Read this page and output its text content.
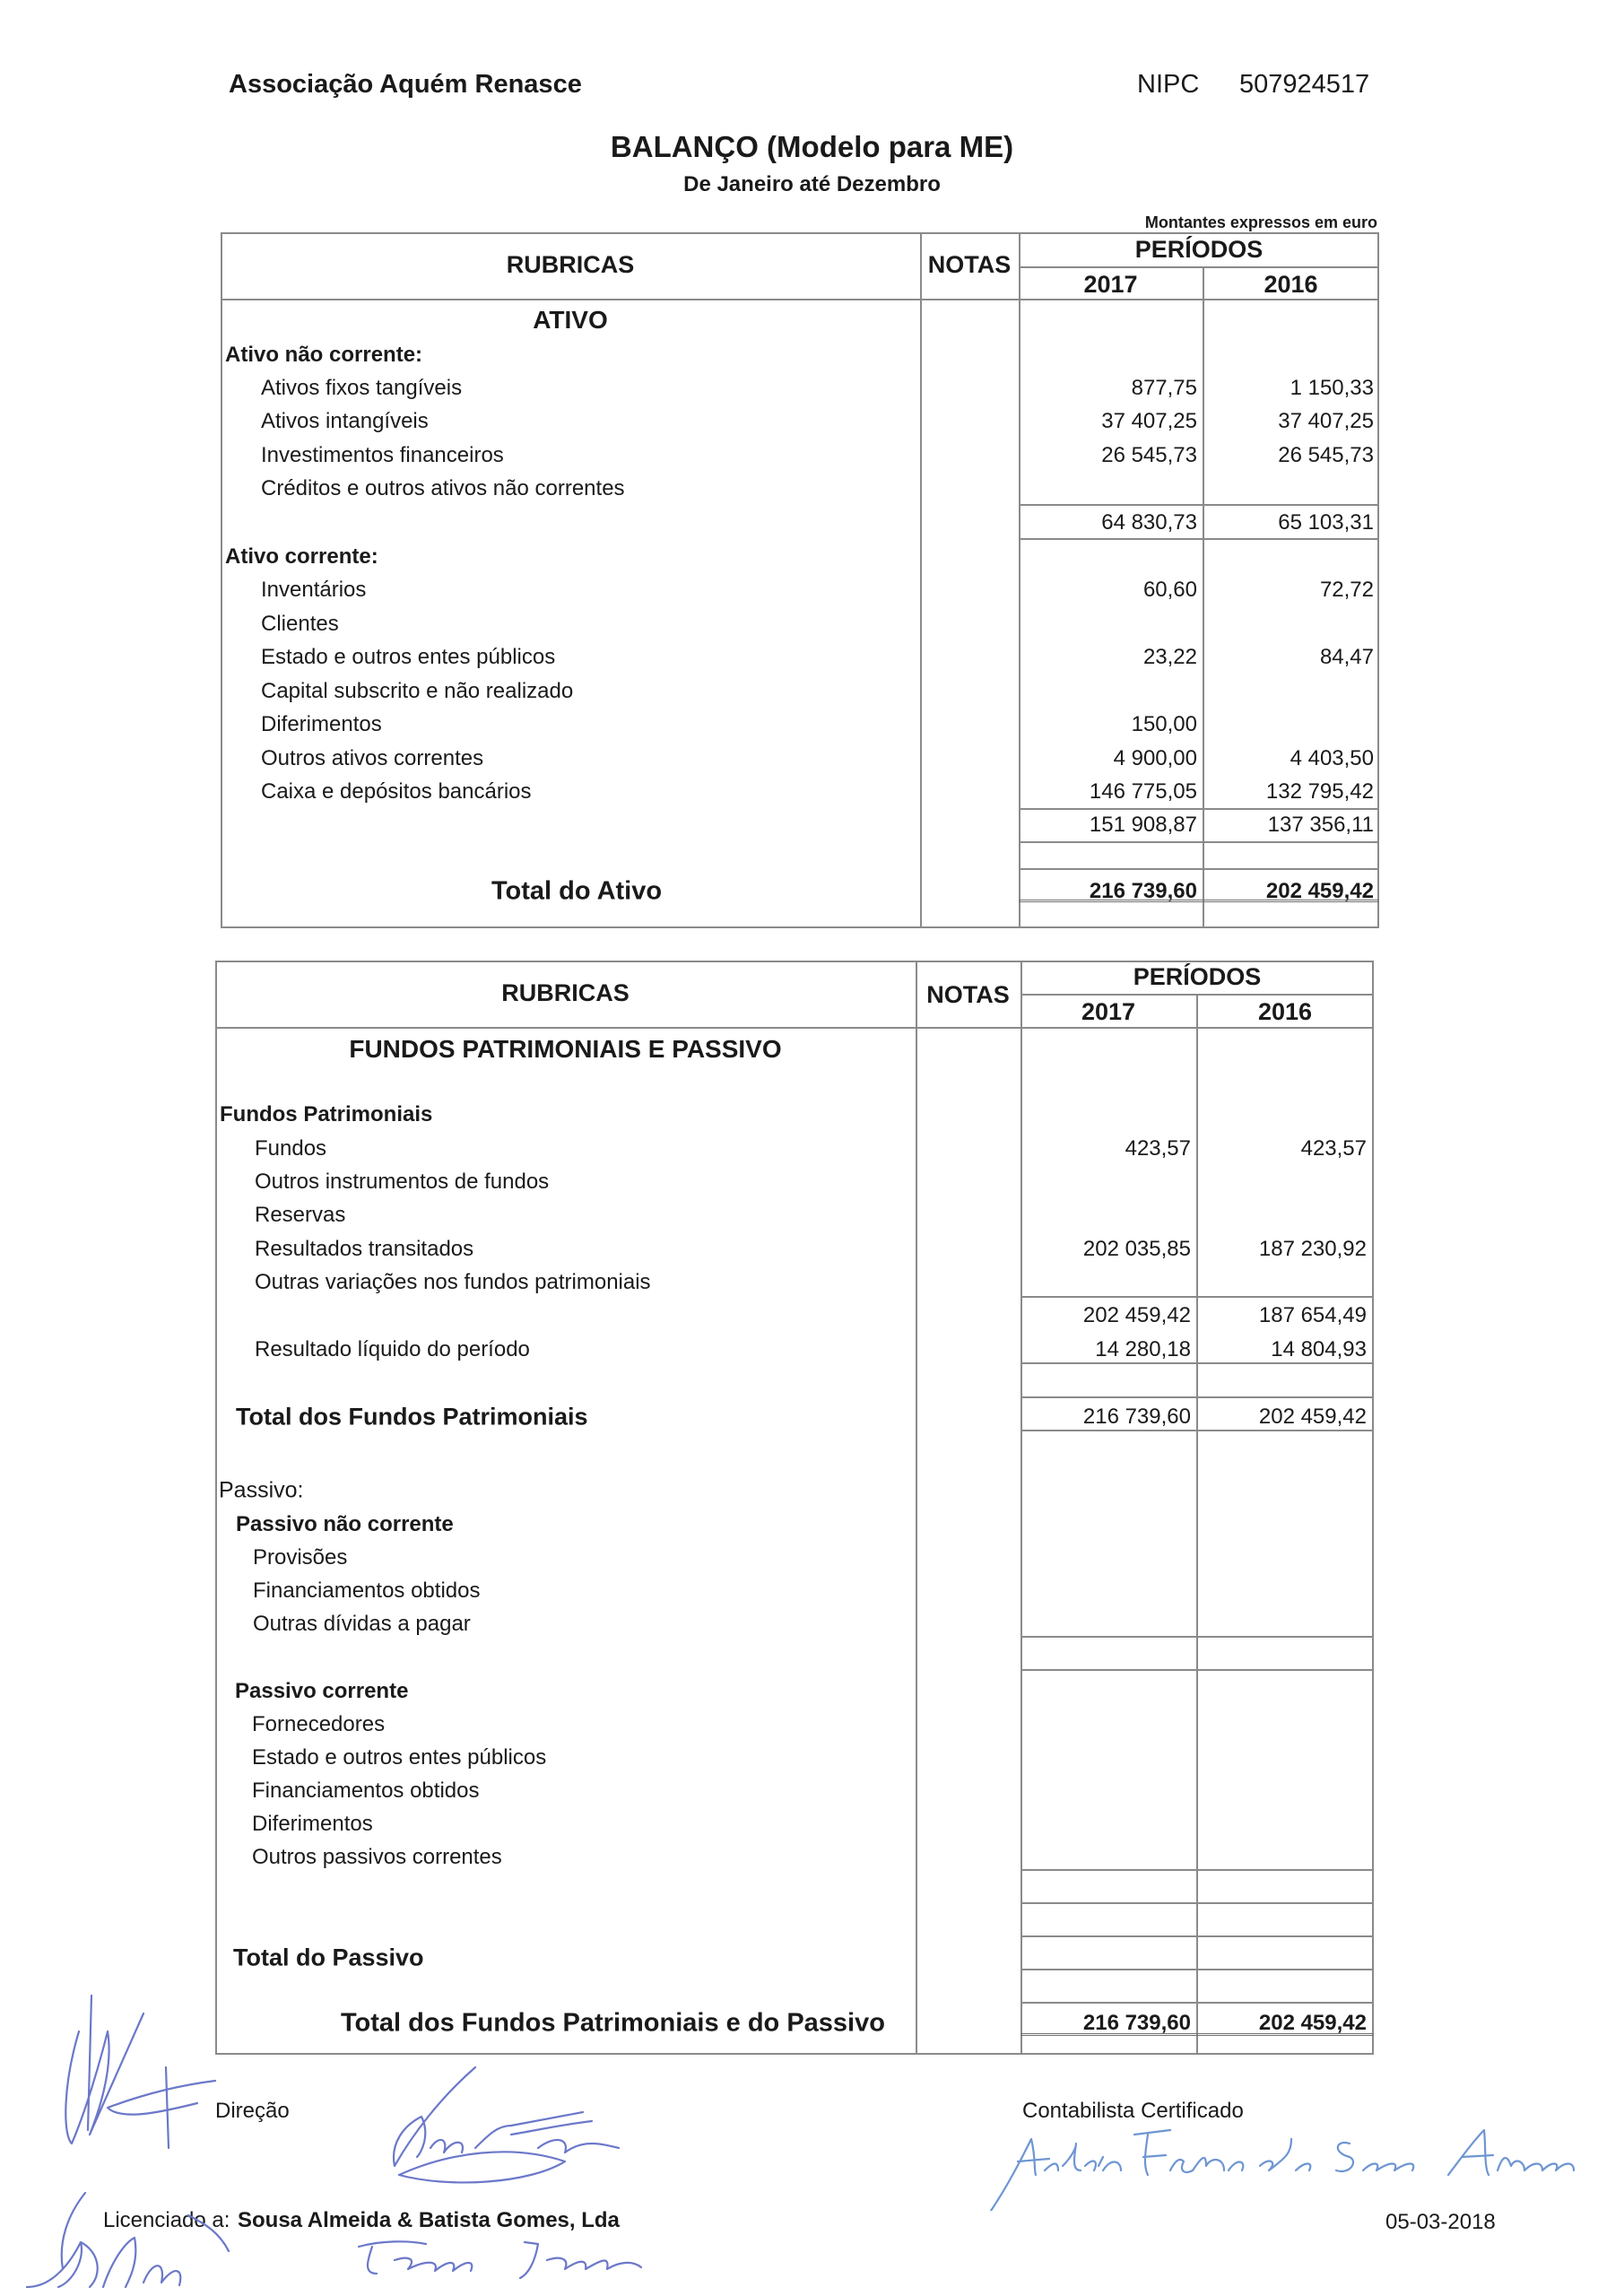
Associação Aquém Renasce	NIPC 507924517
BALANÇO (Modelo para ME)
De Janeiro até Dezembro
Montantes expressos em euro
RUBRICAS	NOTAS
PERÍODOS
2017	2016
ATIVO
Ativo não corrente:
Ativos fixos tangíveis	877,75	1 150,33
Ativos intangíveis	37 407,25	37 407,25
Investimentos financeiros	26 545,73	26 545,73
Créditos e outros ativos não correntes
64 830,73	65 103,31
Ativo corrente:
Inventários	60,60	72,72
Clientes
Estado e outros entes públicos	23,22	84,47
Capital subscrito e não realizado
Diferimentos	150,00
Outros ativos correntes	4 900,00	4 403,50
Caixa e depósitos bancários	146 775,05	132 795,42
151 908,87	137 356,11
Total do Ativo	216 739,60	202 459,42
RUBRICAS	NOTAS
PERÍODOS
2017	2016
FUNDOS PATRIMONIAIS E PASSIVO
Fundos Patrimoniais
Fundos	423,57	423,57
Outros instrumentos de fundos
Reservas
Resultados transitados	202 035,85	187 230,92
Outras variações nos fundos patrimoniais
202 459,42	187 654,49
Resultado líquido do período	14 280,18	14 804,93
Total dos Fundos Patrimoniais	216 739,60	202 459,42
Passivo:
Passivo não corrente
Provisões
Financiamentos obtidos
Outras dívidas a pagar
Passivo corrente
Fornecedores
Estado e outros entes públicos
Financiamentos obtidos
Diferimentos
Outros passivos correntes
Total do Passivo
Total dos Fundos Patrimoniais e do Passivo	216 739,60	202 459,42
Direção	Contabilista Certificado
Licenciado a: Sousa Almeida & Batista Gomes, Lda	05-03-2018
